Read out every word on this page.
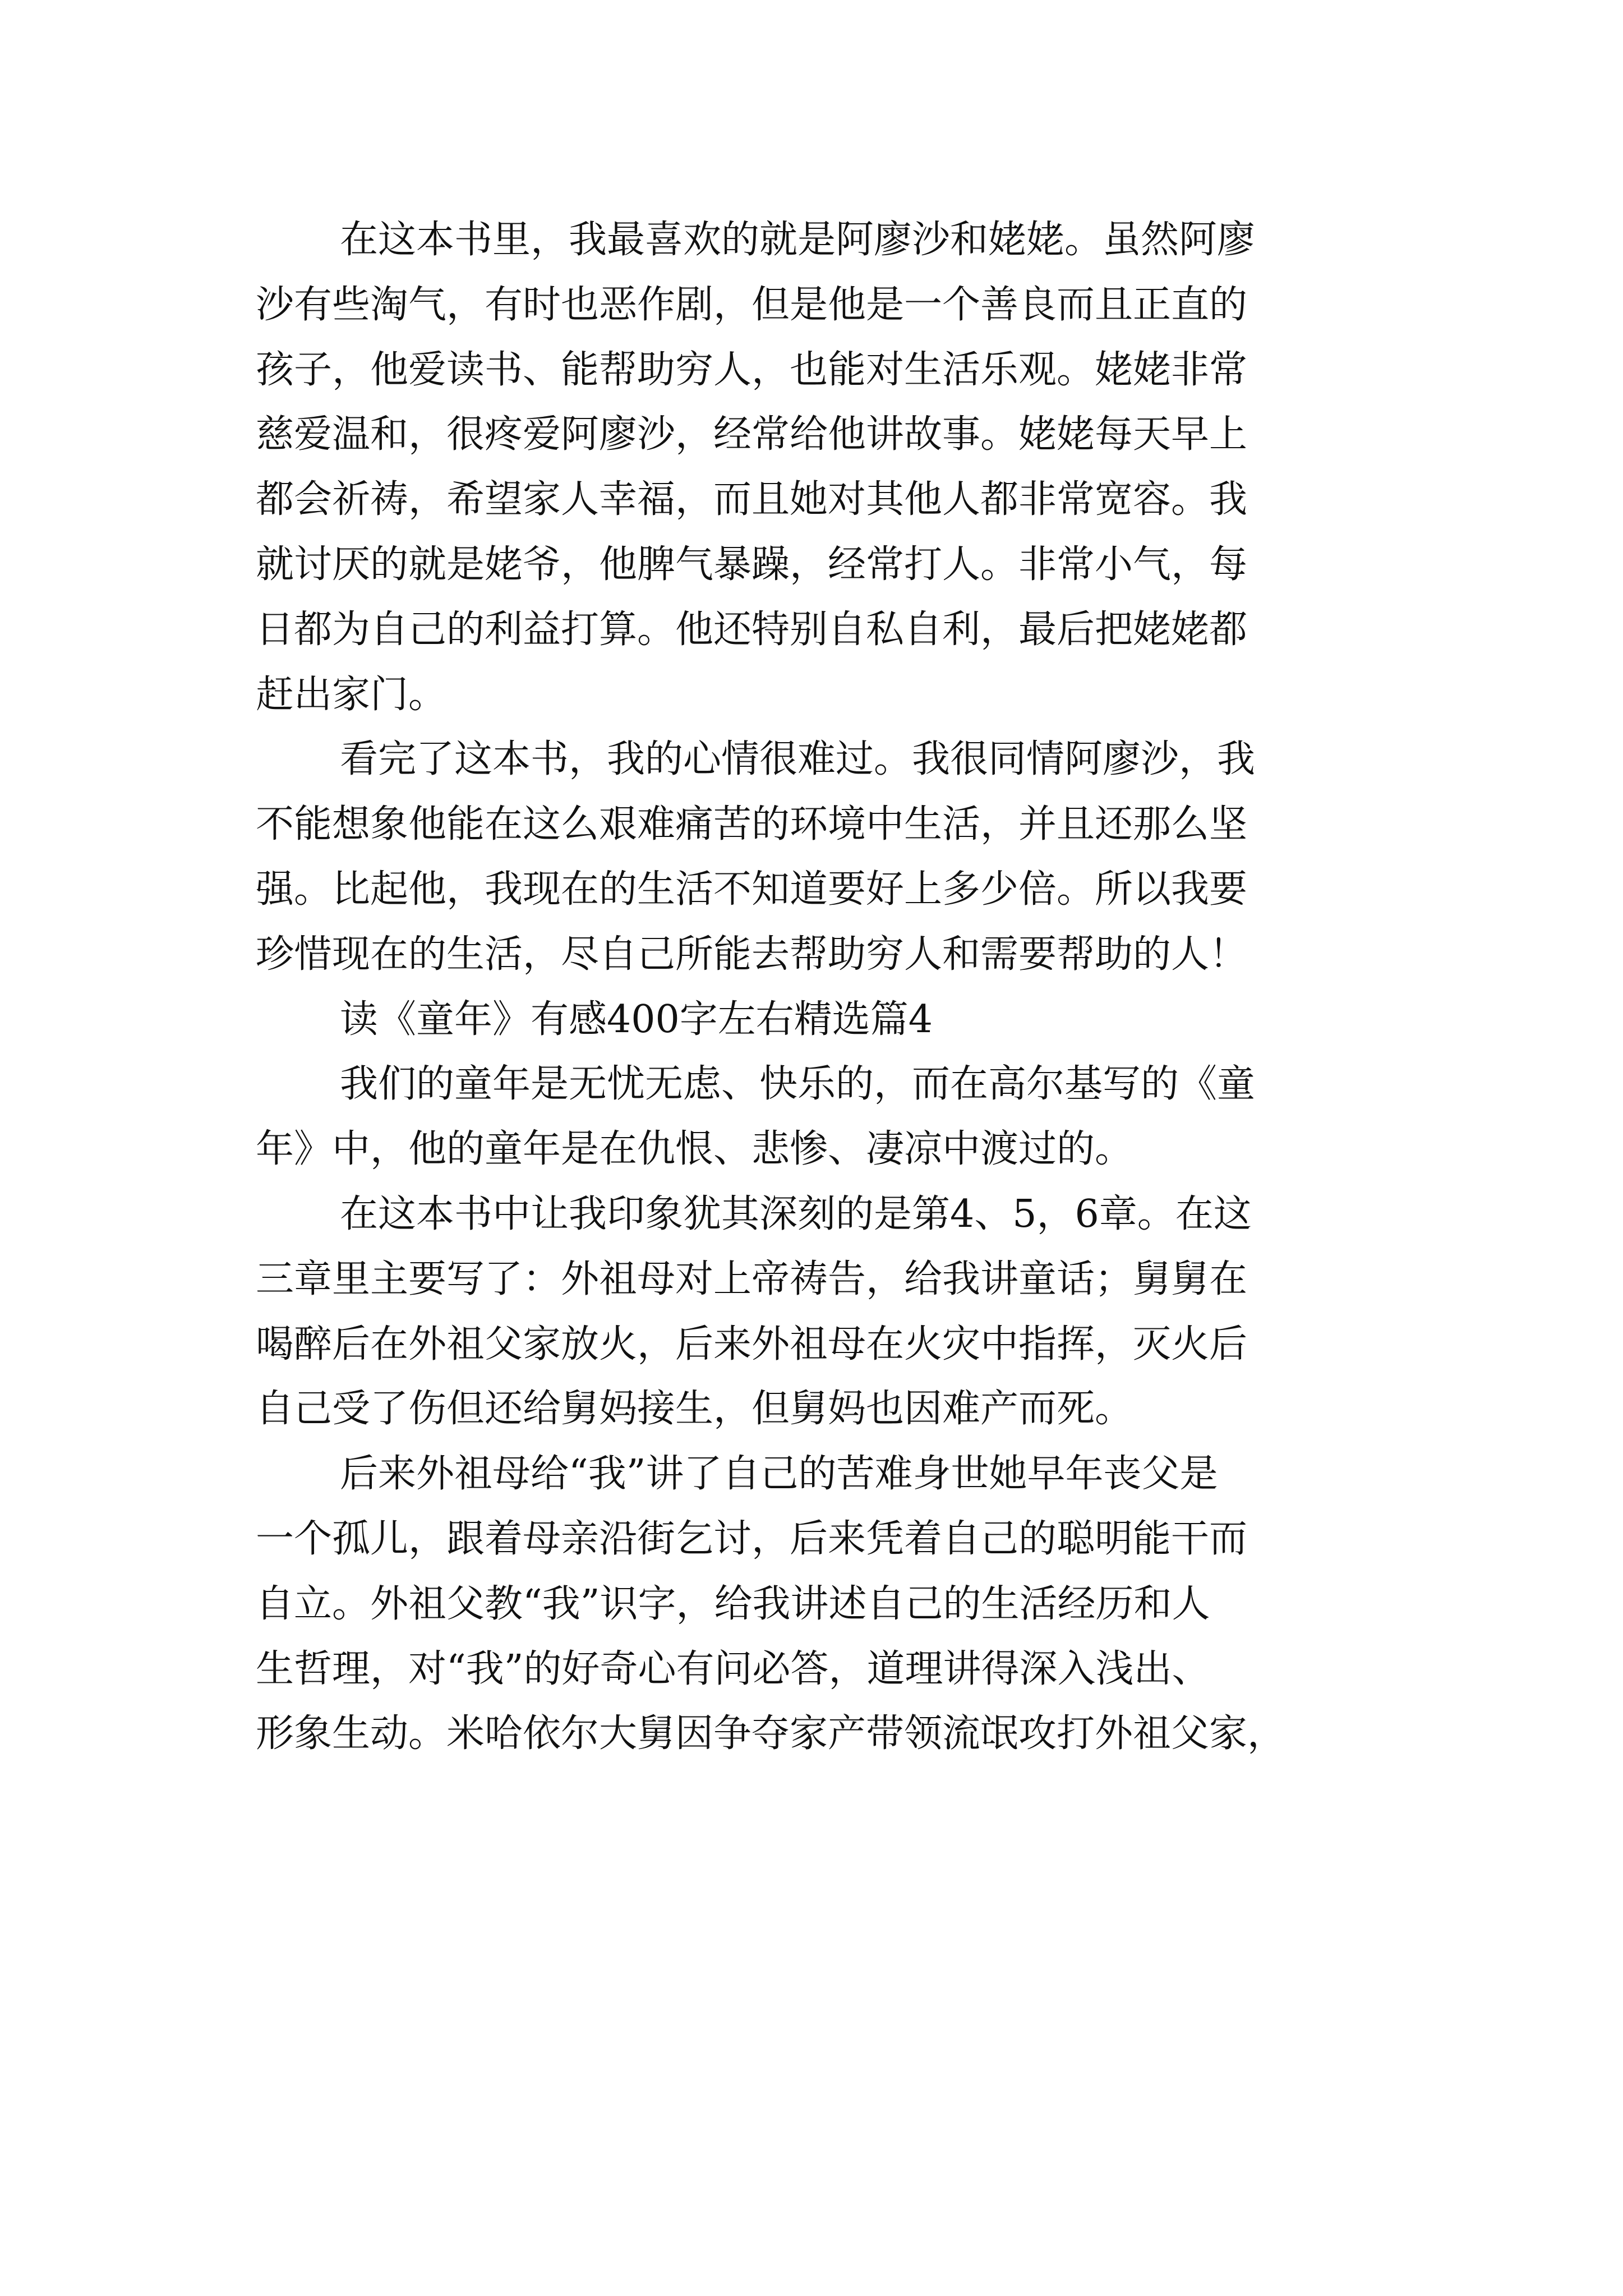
在这本书里，我最喜欢的就是阿廖沙和姥姥。虽然阿廖
沙有些淘气，有时也恶作剧，但是他是一个善良而且正直的
孩子，他爱读书、能帮助穷人，也能对生活乐观。姥姥非常
慈爱温和，很疼爱阿廖沙，经常给他讲故事。姥姥每天早上
都会祈祷，希望家人幸福，而且她对其他人都非常宽容。我
就讨厌的就是姥爷，他脾气暴躁，经常打人。非常小气，每
日都为自己的利益打算。他还特别自私自利，最后把姥姥都
赶出家门。
看完了这本书，我的心情很难过。我很同情阿廖沙，我
不能想象他能在这么艰难痛苦的环境中生活，并且还那么坚
强。比起他，我现在的生活不知道要好上多少倍。所以我要
珍惜现在的生活，尽自己所能去帮助穷人和需要帮助的人！
读《童年》有感400字左右精选篇4
我们的童年是无忧无虑、快乐的，而在高尔基写的《童
年》中，他的童年是在仇恨、悲惨、凄凉中渡过的。
在这本书中让我印象犹其深刻的是第4、5，6章。在这
三章里主要写了：外祖母对上帝祷告，给我讲童话；舅舅在
喝醉后在外祖父家放火，后来外祖母在火灾中指挥，灭火后
自己受了伤但还给舅妈接生，但舅妈也因难产而死。
后来外祖母给“我”讲了自己的苦难身世她早年丧父是
一个孤儿，跟着母亲沿街乞讨，后来凭着自己的聪明能干而
自立。外祖父教“我”识字，给我讲述自己的生活经历和人
生哲理，对“我”的好奇心有问必答，道理讲得深入浅出、
形象生动。米哈依尔大舅因争夺家产带领流氓攻打外祖父家，
